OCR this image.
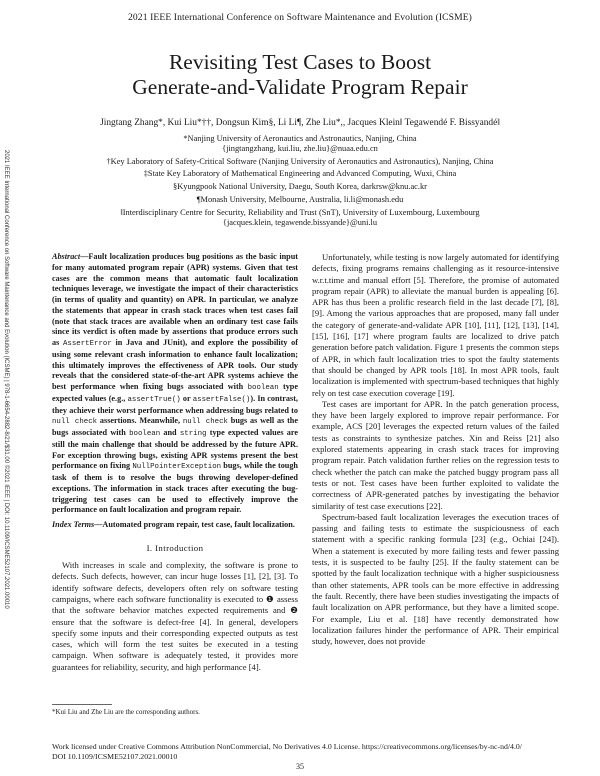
2021 IEEE International Conference on Software Maintenance and Evolution (ICSME)
2021 IEEE International Conference on Software Maintenance and Evolution (ICSME) | 978-1-6654-2882-8/21/$31.00 ©2021 IEEE | DOI: 10.1109/ICSME52107.2021.00010
Revisiting Test Cases to Boost
Generate-and-Validate Program Repair
Jingtang Zhang*, Kui Liu*††, Dongsun Kim§, Li Li¶, Zhe Liu*,, Jacques Klein‖ Tegawendé F. Bissyandé‖
*Nanjing University of Aeronautics and Astronautics, Nanjing, China
{jingtangzhang, kui.liu, zhe.liu}@nuaa.edu.cn
†Key Laboratory of Safety-Critical Software (Nanjing University of Aeronautics and Astronautics), Nanjing, China
‡State Key Laboratory of Mathematical Engineering and Advanced Computing, Wuxi, China
§Kyungpook National University, Daegu, South Korea, darkrsw@knu.ac.kr
¶Monash University, Melbourne, Australia, li.li@monash.edu
‖Interdisciplinary Centre for Security, Reliability and Trust (SnT), University of Luxembourg, Luxembourg
{jacques.klein, tegawende.bissyande}@uni.lu
Abstract—Fault localization produces bug positions as the basic input for many automated program repair (APR) systems. Given that test cases are the common means that automatic fault localization techniques leverage, we investigate the impact of their characteristics (in terms of quality and quantity) on APR. In particular, we analyze the statements that appear in crash stack traces when test cases fail (note that stack traces are available when an ordinary test case fails since its verdict is often made by assertions that produce errors such as AssertError in Java and JUnit), and explore the possibility of using some relevant crash information to enhance fault localization; this ultimately improves the effectiveness of APR tools. Our study reveals that the considered state-of-the-art APR systems achieve the best performance when fixing bugs associated with boolean type expected values (e.g., assertTrue() or assertFalse()). In contrast, they achieve their worst performance when addressing bugs related to null check assertions. Meanwhile, null check bugs as well as the bugs associated with boolean and string type expected values are still the main challenge that should be addressed by the future APR. For exception throwing bugs, existing APR systems present the best performance on fixing NullPointerException bugs, while the tough task of them is to resolve the bugs throwing developer-defined exceptions. The information in stack traces after executing the bug-triggering test cases can be used to effectively improve the performance on fault localization and program repair.
Index Terms—Automated program repair, test case, fault localization.
I. Introduction

With increases in scale and complexity, the software is prone to defects. Such defects, however, can incur huge losses [1], [2], [3]. To identify software defects, developers often rely on software testing campaigns, where each software functionality is executed to ❶ assess that the software behavior matches expected requirements and ❷ ensure that the software is defect-free [4]. In general, developers specify some inputs and their corresponding expected outputs as test cases, which will form the test suites be executed in a testing campaign. When software is adequately tested, it provides more guarantees for reliability, security, and high performance [4].

*Kui Liu and Zhe Liu are the corresponding authors.

Unfortunately, while testing is now largely automated for identifying defects, fixing programs remains challenging as it resource-intensive w.r.t.time and manual effort [5]. Therefore, the promise of automated program repair (APR) to alleviate the manual burden is appealing [6]. APR has thus been a prolific research field in the last decade [7], [8], [9]. Among the various approaches that are proposed, many fall under the category of generate-and-validate APR [10], [11], [12], [13], [14], [15], [16], [17] where program faults are localized to drive patch generation before patch validation. Figure 1 presents the common steps of APR, in which fault localization tries to spot the faulty statements that should be changed by APR tools [18]. In most APR tools, fault localization is implemented with spectrum-based techniques that highly rely on test case execution coverage [19].

Test cases are important for APR. In the patch generation process, they have been largely explored to improve repair performance. For example, ACS [20] leverages the expected return values of the failed tests as constraints to synthesize patches. Xin and Reiss [21] also explored statements appearing in crash stack traces for improving program repair. Patch validation further relies on the regression tests to check whether the patch can make the patched buggy program pass all tests or not. Test cases have been further exploited to validate the correctness of APR-generated patches by investigating the behavior similarity of test case executions [22].

Spectrum-based fault localization leverages the execution traces of passing and failing tests to estimate the suspiciousness of each statement with a specific ranking formula [23] (e.g., Ochiai [24]). When a statement is executed by more failing tests and fewer passing tests, it is suspected to be faulty [25]. If the faulty statement can be spotted by the fault localization technique with a higher suspiciousness than other statements, APR tools can be more effective in addressing the fault. Recently, there have been studies investigating the impacts of fault localization on APR performance, but they have a limited scope. For example, Liu et al. [18] have recently demonstrated how localization failures hinder the performance of APR. Their empirical study, however, does not provide

Work licensed under Creative Commons Attribution NonCommercial, No Derivatives 4.0 License. https://creativecommons.org/licenses/by-nc-nd/4.0/
DOI 10.1109/ICSME52107.2021.00010
35
